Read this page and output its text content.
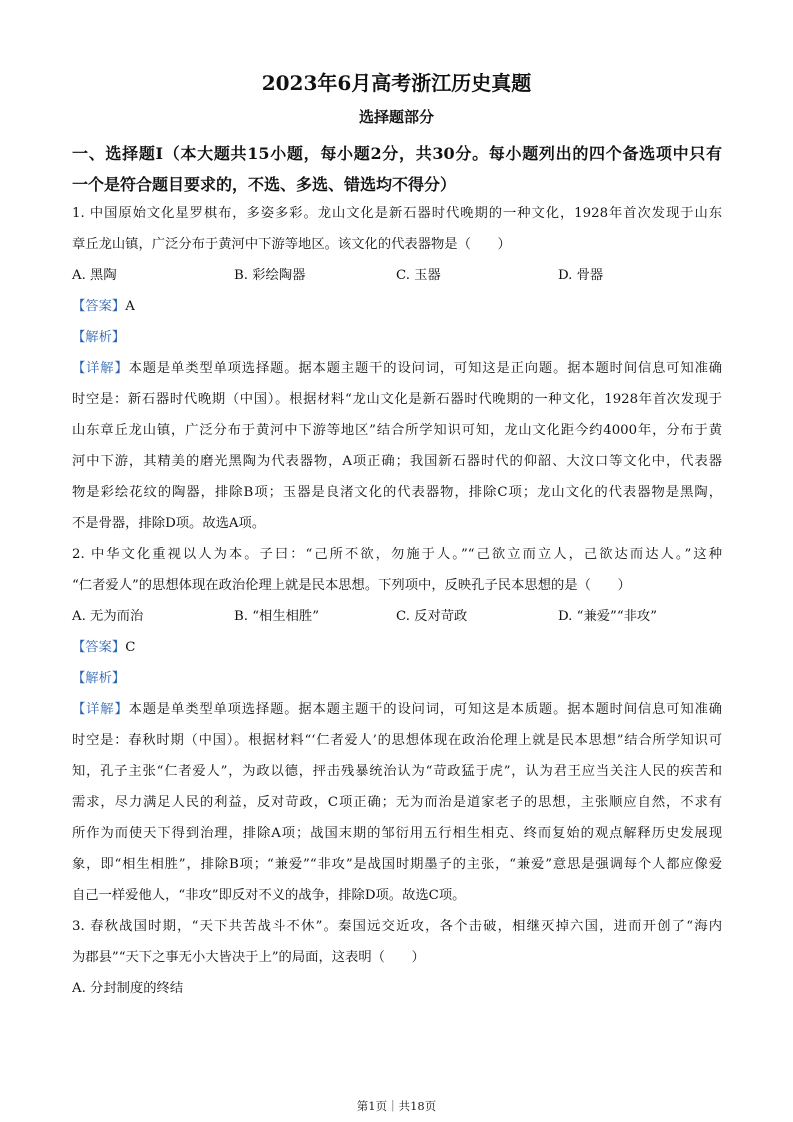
2023年6月高考浙江历史真题
选择题部分
一、选择题Ⅰ（本大题共15小题，每小题2分，共30分。每小题列出的四个备选项中只有
一个是符合题目要求的，不选、多选、错选均不得分）
1. 中国原始文化星罗棋布，多姿多彩。龙山文化是新石器时代晚期的一种文化，1928年首次发现于山东
章丘龙山镇，广泛分布于黄河中下游等地区。该文化的代表器物是（　　）
A. 黑陶	B. 彩绘陶器	C. 玉器	D. 骨器
【答案】A
【解析】
【详解】本题是单类型单项选择题。据本题主题干的设问词，可知这是正向题。据本题时间信息可知准确
时空是：新石器时代晚期（中国）。根据材料“龙山文化是新石器时代晚期的一种文化，1928年首次发现于
山东章丘龙山镇，广泛分布于黄河中下游等地区”结合所学知识可知，龙山文化距今约4000年，分布于黄
河中下游，其精美的磨光黑陶为代表器物，A项正确；我国新石器时代的仰韶、大汶口等文化中，代表器
物是彩绘花纹的陶器，排除B项；玉器是良渚文化的代表器物，排除C项；龙山文化的代表器物是黑陶，
不是骨器，排除D项。故选A项。
2. 中华文化重视以人为本。子曰：“己所不欲，勿施于人。”“己欲立而立人，己欲达而达人。”这种
“仁者爱人”的思想体现在政治伦理上就是民本思想。下列项中，反映孔子民本思想的是（　　）
A. 无为而治	B. “相生相胜”	C. 反对苛政	D. “兼爱”“非攻”
【答案】C
【解析】
【详解】本题是单类型单项选择题。据本题主题干的设问词，可知这是本质题。据本题时间信息可知准确
时空是：春秋时期（中国）。根据材料“‘仁者爱人’的思想体现在政治伦理上就是民本思想”结合所学知识可
知，孔子主张“仁者爱人”，为政以德，抨击残暴统治认为“苛政猛于虎”，认为君王应当关注人民的疾苦和
需求，尽力满足人民的利益，反对苛政，C项正确；无为而治是道家老子的思想，主张顺应自然，不求有
所作为而使天下得到治理，排除A项；战国末期的邹衍用五行相生相克、终而复始的观点解释历史发展现
象，即“相生相胜”，排除B项；“兼爱”“非攻”是战国时期墨子的主张，“兼爱”意思是强调每个人都应像爱
自己一样爱他人，“非攻”即反对不义的战争，排除D项。故选C项。
3. 春秋战国时期，“天下共苦战斗不休”。秦国远交近攻，各个击破，相继灭掉六国，进而开创了“海内
为郡县”“天下之事无小大皆决于上”的局面，这表明（　　）
A. 分封制度的终结
第1页｜共18页
